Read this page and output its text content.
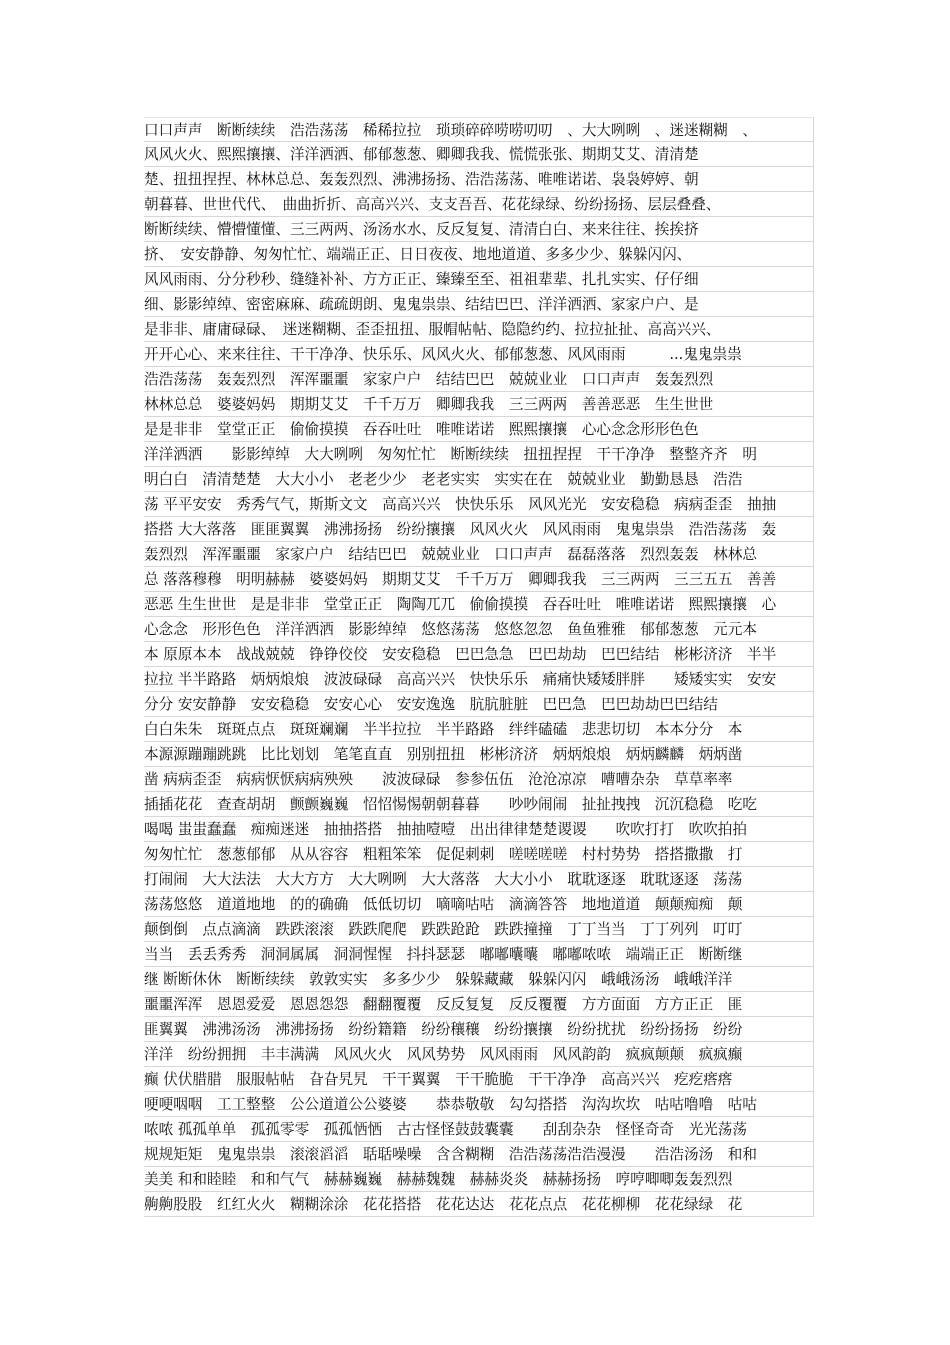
口口声声　断断续续　浩浩荡荡　稀稀拉拉　琐琐碎碎唠唠叨叨　、大大咧咧　、迷迷糊糊　、
风风火火、熙熙攘攘、洋洋洒洒、郁郁葱葱、卿卿我我、慌慌张张、期期艾艾、清清楚
楚、扭扭捏捏、林林总总、轰轰烈烈、沸沸扬扬、浩浩荡荡、唯唯诺诺、袅袅婷婷、朝
朝暮暮、世世代代、　曲曲折折、高高兴兴、支支吾吾、花花绿绿、纷纷扬扬、层层叠叠、
断断续续、懵懵懂懂、三三两两、汤汤水水、反反复复、清清白白、来来往往、挨挨挤
挤、　安安静静、匆匆忙忙、端端正正、日日夜夜、地地道道、多多少少、躲躲闪闪、
风风雨雨、分分秒秒、缝缝补补、方方正正、臻臻至至、祖祖辈辈、扎扎实实、仔仔细
细、影影绰绰、密密麻麻、疏疏朗朗、鬼鬼祟祟、结结巴巴、洋洋洒洒、家家户户、是
是非非、庸庸碌碌、　迷迷糊糊、歪歪扭扭、服帽帖帖、隐隐约约、拉拉扯扯、高高兴兴、
开开心心、来来往往、干干净净、快乐乐、风风火火、郁郁葱葱、风风雨雨　　　...鬼鬼祟祟
浩浩荡荡　轰轰烈烈　浑浑噩噩　家家户户　结结巴巴　兢兢业业　口口声声　轰轰烈烈
林林总总　婆婆妈妈　期期艾艾　千千万万　卿卿我我　三三两两　善善恶恶　生生世世
是是非非　堂堂正正　偷偷摸摸　吞吞吐吐　唯唯诺诺　熙熙攘攘　心心念念形形色色
洋洋洒洒　　影影绰绰　大大咧咧　匆匆忙忙　断断续续　扭扭捏捏　干干净净　整整齐齐　明
明白白　清清楚楚　大大小小　老老少少　老老实实　实实在在　兢兢业业　勤勤恳恳　浩浩
荡 平平安安　秀秀气气，斯斯文文　高高兴兴　快快乐乐　风风光光　安安稳稳　病病歪歪　抽抽
搭搭 大大落落　匪匪翼翼　沸沸扬扬　纷纷攘攘　风风火火　风风雨雨　鬼鬼祟祟　浩浩荡荡　轰
轰烈烈　浑浑噩噩　家家户户　结结巴巴　兢兢业业　口口声声　磊磊落落　烈烈轰轰　林林总
总 落落穆穆　明明赫赫　婆婆妈妈　期期艾艾　千千万万　卿卿我我　三三两两　三三五五　善善
恶恶 生生世世　是是非非　堂堂正正　陶陶兀兀　偷偷摸摸　吞吞吐吐　唯唯诺诺　熙熙攘攘　心
心念念　形形色色　洋洋洒洒　影影绰绰　悠悠荡荡　悠悠忽忽　鱼鱼雅雅　郁郁葱葱　元元本
本 原原本本　战战兢兢　铮铮佼佼　安安稳稳　巴巴急急　巴巴劫劫　巴巴结结　彬彬济济　半半
拉拉 半半路路　炳炳烺烺　波波碌碌　高高兴兴　快快乐乐　痛痛快矮矮胖胖　　矮矮实实　安安
分分 安安静静　安安稳稳　安安心心　安安逸逸　肮肮脏脏　巴巴急　巴巴劫劫巴巴结结
白白朱朱　斑斑点点　斑斑斓斓　半半拉拉　半半路路　绊绊磕磕　悲悲切切　本本分分　本
本源源蹦蹦跳跳　比比划划　笔笔直直　别别扭扭　彬彬济济　炳炳烺烺　炳炳麟麟　炳炳凿
凿 病病歪歪　病病恹恹病病殃殃　　波波碌碌　参参伍伍　沧沧凉凉　嘈嘈杂杂　草草率率
插插花花　查查胡胡　颤颤巍巍　怊怊惕惕朝朝暮暮　　吵吵闹闹　扯扯拽拽　沉沉稳稳　吃吃
喝喝 蚩蚩蠢蠢　痴痴迷迷　抽抽搭搭　抽抽噎噎　出出律律楚楚谡谡　　吹吹打打　吹吹拍拍
匆匆忙忙　葱葱郁郁　从从容容　粗粗笨笨　促促刺刺　嗟嗟嗟嗟　村村势势　搭搭撒撒　打
打闹闹　大大法法　大大方方　大大咧咧　大大落落　大大小小　耽耽逐逐　耽耽逐逐　荡荡
荡荡悠悠　道道地地　的的确确　低低切切　嘀嘀咕咕　滴滴答答　地地道道　颠颠痴痴　颠
颠倒倒　点点滴滴　跌跌滚滚　跌跌爬爬　跌跌跄跄　跌跌撞撞　丁丁当当　丁丁列列　叮叮
当当　丢丢秀秀　洞洞属属　洞洞惺惺　抖抖瑟瑟　嘟嘟囔囔　嘟嘟哝哝　端端正正　断断继
继 断断休休　断断续续　敦敦实实　多多少少　躲躲藏藏　躲躲闪闪　峨峨汤汤　峨峨洋洋
噩噩浑浑　恩恩爱爱　恩恩怨怨　翻翻覆覆　反反复复　反反覆覆　方方面面　方方正正　匪
匪翼翼　沸沸汤汤　沸沸扬扬　纷纷籍籍　纷纷穰穰　纷纷攘攘　纷纷扰扰　纷纷扬扬　纷纷
洋洋　纷纷拥拥　丰丰满满　风风火火　风风势势　风风雨雨　风风韵韵　疯疯颠颠　疯疯癫
癫 伏伏腊腊　服服帖帖　旮旮旯旯　干干翼翼　干干脆脆　干干净净　高高兴兴　疙疙瘩瘩
哽哽咽咽　工工整整　公公道道公公婆婆　　恭恭敬敬　勾勾搭搭　沟沟坎坎　咕咕噜噜　咕咕
哝哝 孤孤单单　孤孤零零　孤孤恓恓　古古怪怪鼓鼓囊囊　　刮刮杂杂　怪怪奇奇　光光荡荡
规规矩矩　鬼鬼祟祟　滚滚滔滔　聒聒噪噪　含含糊糊　浩浩荡荡浩浩漫漫　　浩浩汤汤　和和
美美 和和睦睦　和和气气　赫赫巍巍　赫赫魏魏　赫赫炎炎　赫赫扬扬　哼哼唧唧轰轰烈烈
齁齁股股　红红火火　糊糊涂涂　花花搭搭　花花达达　花花点点　花花柳柳　花花绿绿　花
